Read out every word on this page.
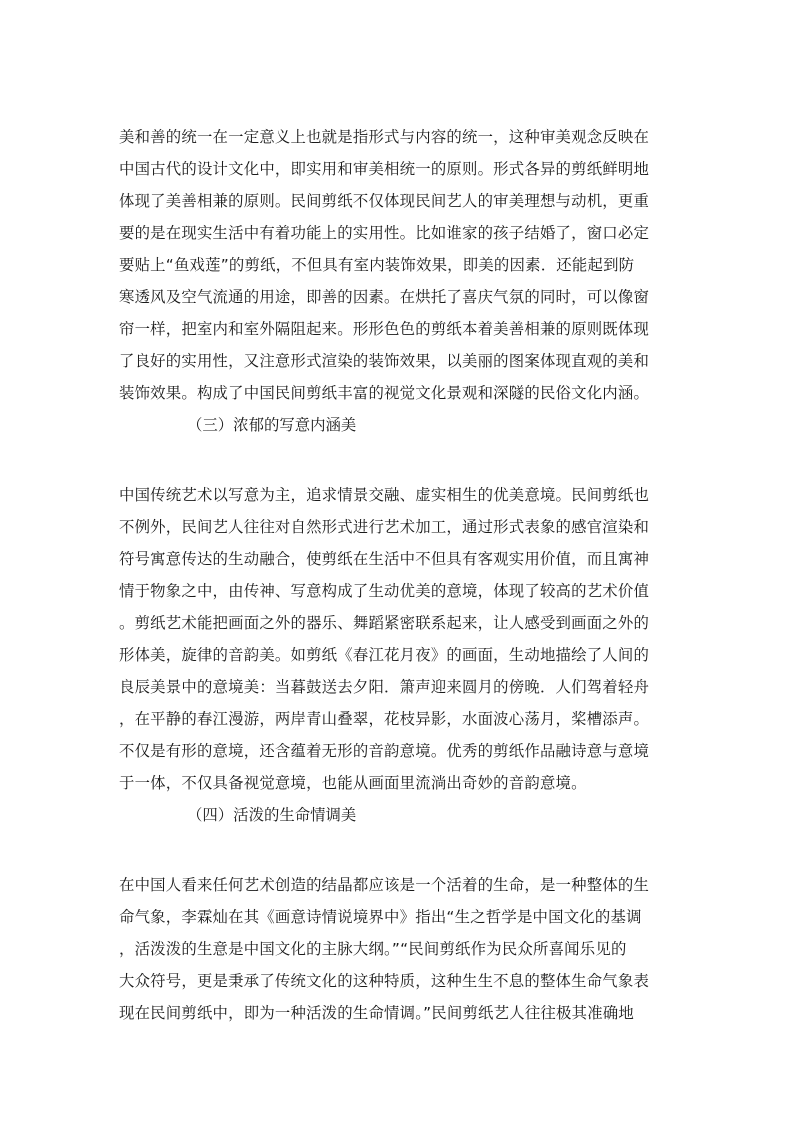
美和善的统一在一定意义上也就是指形式与内容的统一，这种审美观念反映在
中国古代的设计文化中，即实用和审美相统一的原则。形式各异的剪纸鲜明地
体现了美善相兼的原则。民间剪纸不仅体现民间艺人的审美理想与动机，更重
要的是在现实生活中有着功能上的实用性。比如谁家的孩子结婚了，窗口必定
要贴上“鱼戏莲”的剪纸，不但具有室内装饰效果，即美的因素．还能起到防
寒透风及空气流通的用途，即善的因素。在烘托了喜庆气氛的同时，可以像窗
帘一样，把室内和室外隔阻起来。形形色色的剪纸本着美善相兼的原则既体现
了良好的实用性，又注意形式渲染的装饰效果，以美丽的图案体现直观的美和
装饰效果。构成了中国民间剪纸丰富的视觉文化景观和深隧的民俗文化内涵。
（三）浓郁的写意内涵美
中国传统艺术以写意为主，追求情景交融、虚实相生的优美意境。民间剪纸也
不例外，民间艺人往往对自然形式进行艺术加工，通过形式表象的感官渲染和
符号寓意传达的生动融合，使剪纸在生活中不但具有客观实用价值，而且寓神
情于物象之中，由传神、写意构成了生动优美的意境，体现了较高的艺术价值
。剪纸艺术能把画面之外的器乐、舞蹈紧密联系起来，让人感受到画面之外的
形体美，旋律的音韵美。如剪纸《春江花月夜》的画面，生动地描绘了人间的
良辰美景中的意境美：当暮鼓送去夕阳．箫声迎来圆月的傍晚．人们驾着轻舟
，在平静的春江漫游，两岸青山叠翠，花枝异影，水面波心荡月，桨槽添声。
不仅是有形的意境，还含蕴着无形的音韵意境。优秀的剪纸作品融诗意与意境
于一体，不仅具备视觉意境，也能从画面里流淌出奇妙的音韵意境。
（四）活泼的生命情调美
在中国人看来任何艺术创造的结晶都应该是一个活着的生命，是一种整体的生
命气象，李霖灿在其《画意诗情说境界中》指出“生之哲学是中国文化的基调
，活泼泼的生意是中国文化的主脉大纲。”“民间剪纸作为民众所喜闻乐见的
大众符号，更是秉承了传统文化的这种特质，这种生生不息的整体生命气象表
现在民间剪纸中，即为一种活泼的生命情调。”民间剪纸艺人往往极其准确地
